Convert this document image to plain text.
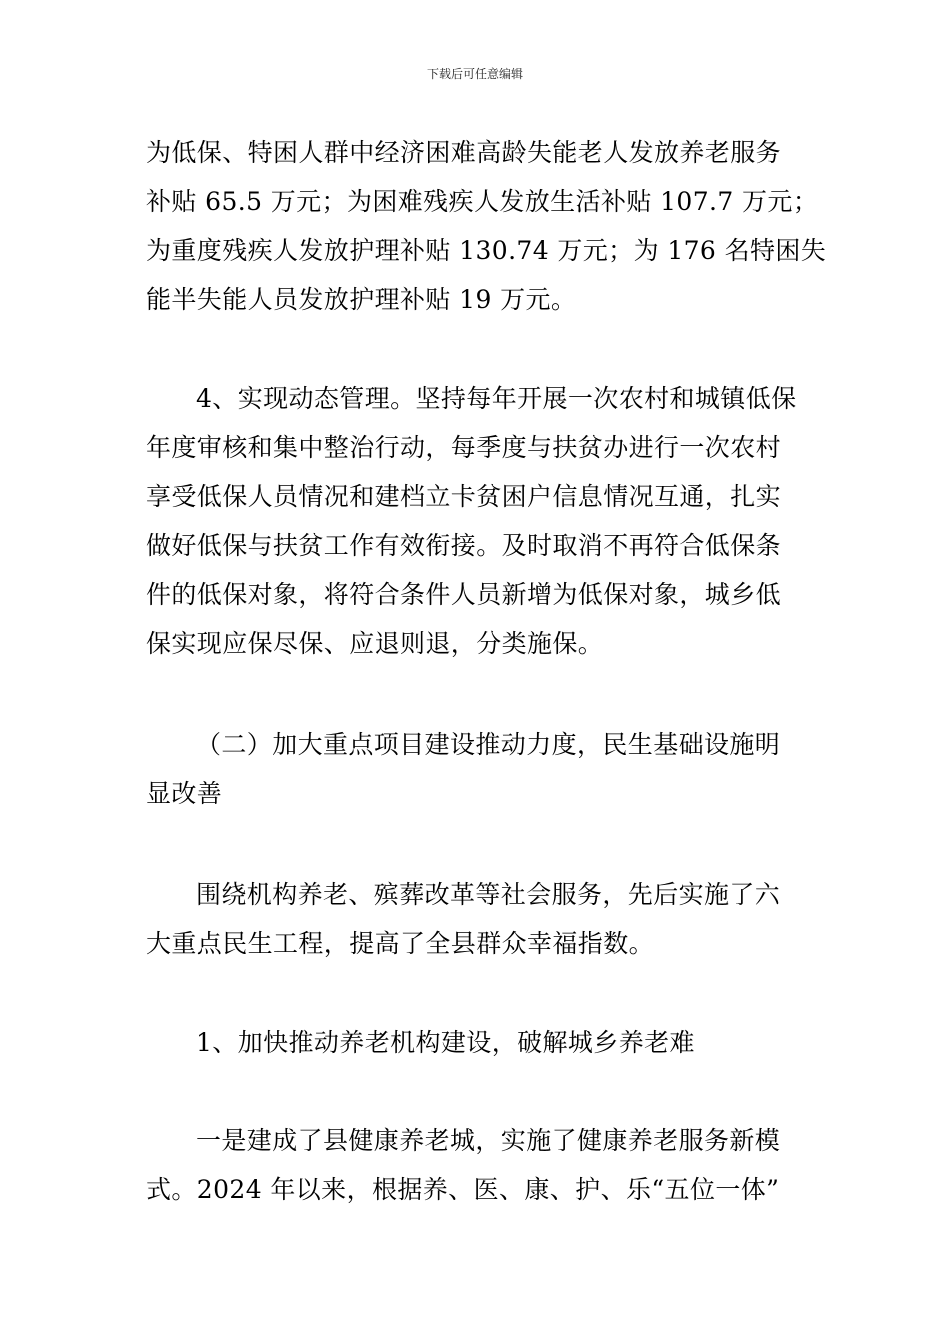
下载后可任意编辑
为低保、特困人群中经济困难高龄失能老人发放养老服务
补贴 65.5 万元；为困难残疾人发放生活补贴 107.7 万元；
为重度残疾人发放护理补贴 130.74 万元；为 176 名特困失
能半失能人员发放护理补贴 19 万元。
4、实现动态管理。坚持每年开展一次农村和城镇低保
年度审核和集中整治行动，每季度与扶贫办进行一次农村
享受低保人员情况和建档立卡贫困户信息情况互通，扎实
做好低保与扶贫工作有效衔接。及时取消不再符合低保条
件的低保对象，将符合条件人员新增为低保对象，城乡低
保实现应保尽保、应退则退，分类施保。
（二）加大重点项目建设推动力度，民生基础设施明
显改善
围绕机构养老、殡葬改革等社会服务，先后实施了六
大重点民生工程，提高了全县群众幸福指数。
1、加快推动养老机构建设，破解城乡养老难
一是建成了县健康养老城，实施了健康养老服务新模
式。2024 年以来，根据养、医、康、护、乐“五位一体”
